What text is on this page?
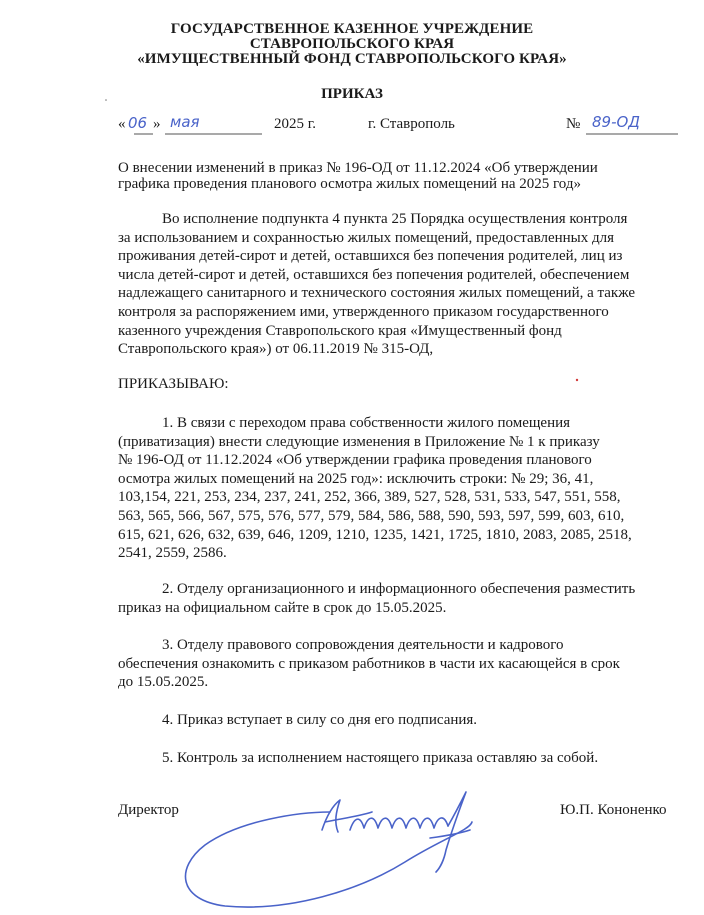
ГОСУДАРСТВЕННОЕ КАЗЕННОЕ УЧРЕЖДЕНИЕ
СТАВРОПОЛЬСКОГО КРАЯ
«ИМУЩЕСТВЕННЫЙ ФОНД СТАВРОПОЛЬСКОГО КРАЯ»
ПРИКАЗ
« 06 » мая	2025 г.	г. Ставрополь	№ 89-ОД
О внесении изменений в приказ № 196-ОД от 11.12.2024 «Об утверждении
графика проведения планового осмотра жилых помещений на 2025 год»
Во исполнение подпункта 4 пункта 25 Порядка осуществления контроля
за использованием и сохранностью жилых помещений, предоставленных для
проживания детей-сирот и детей, оставшихся без попечения родителей, лиц из
числа детей-сирот и детей, оставшихся без попечения родителей, обеспечением
надлежащего санитарного и технического состояния жилых помещений, а также
контроля за распоряжением ими, утвержденного приказом государственного
казенного учреждения Ставропольского края «Имущественный фонд
Ставропольского края») от 06.11.2019 № 315-ОД,
ПРИКАЗЫВАЮ:
1. В связи с переходом права собственности жилого помещения
(приватизация) внести следующие изменения в Приложение № 1 к приказу
№ 196-ОД от 11.12.2024 «Об утверждении графика проведения планового
осмотра жилых помещений на 2025 год»: исключить строки: № 29; 36, 41,
103,154, 221, 253, 234, 237, 241, 252, 366, 389, 527, 528, 531, 533, 547, 551, 558,
563, 565, 566, 567, 575, 576, 577, 579, 584, 586, 588, 590, 593, 597, 599, 603, 610,
615, 621, 626, 632, 639, 646, 1209, 1210, 1235, 1421, 1725, 1810, 2083, 2085, 2518,
2541, 2559, 2586.
2. Отделу организационного и информационного обеспечения разместить
приказ на официальном сайте в срок до 15.05.2025.
3. Отделу правового сопровождения деятельности и кадрового
обеспечения ознакомить с приказом работников в части их касающейся в срок
до 15.05.2025.
4. Приказ вступает в силу со дня его подписания.
5. Контроль за исполнением настоящего приказа оставляю за собой.
Директор	Ю.П. Кононенко
